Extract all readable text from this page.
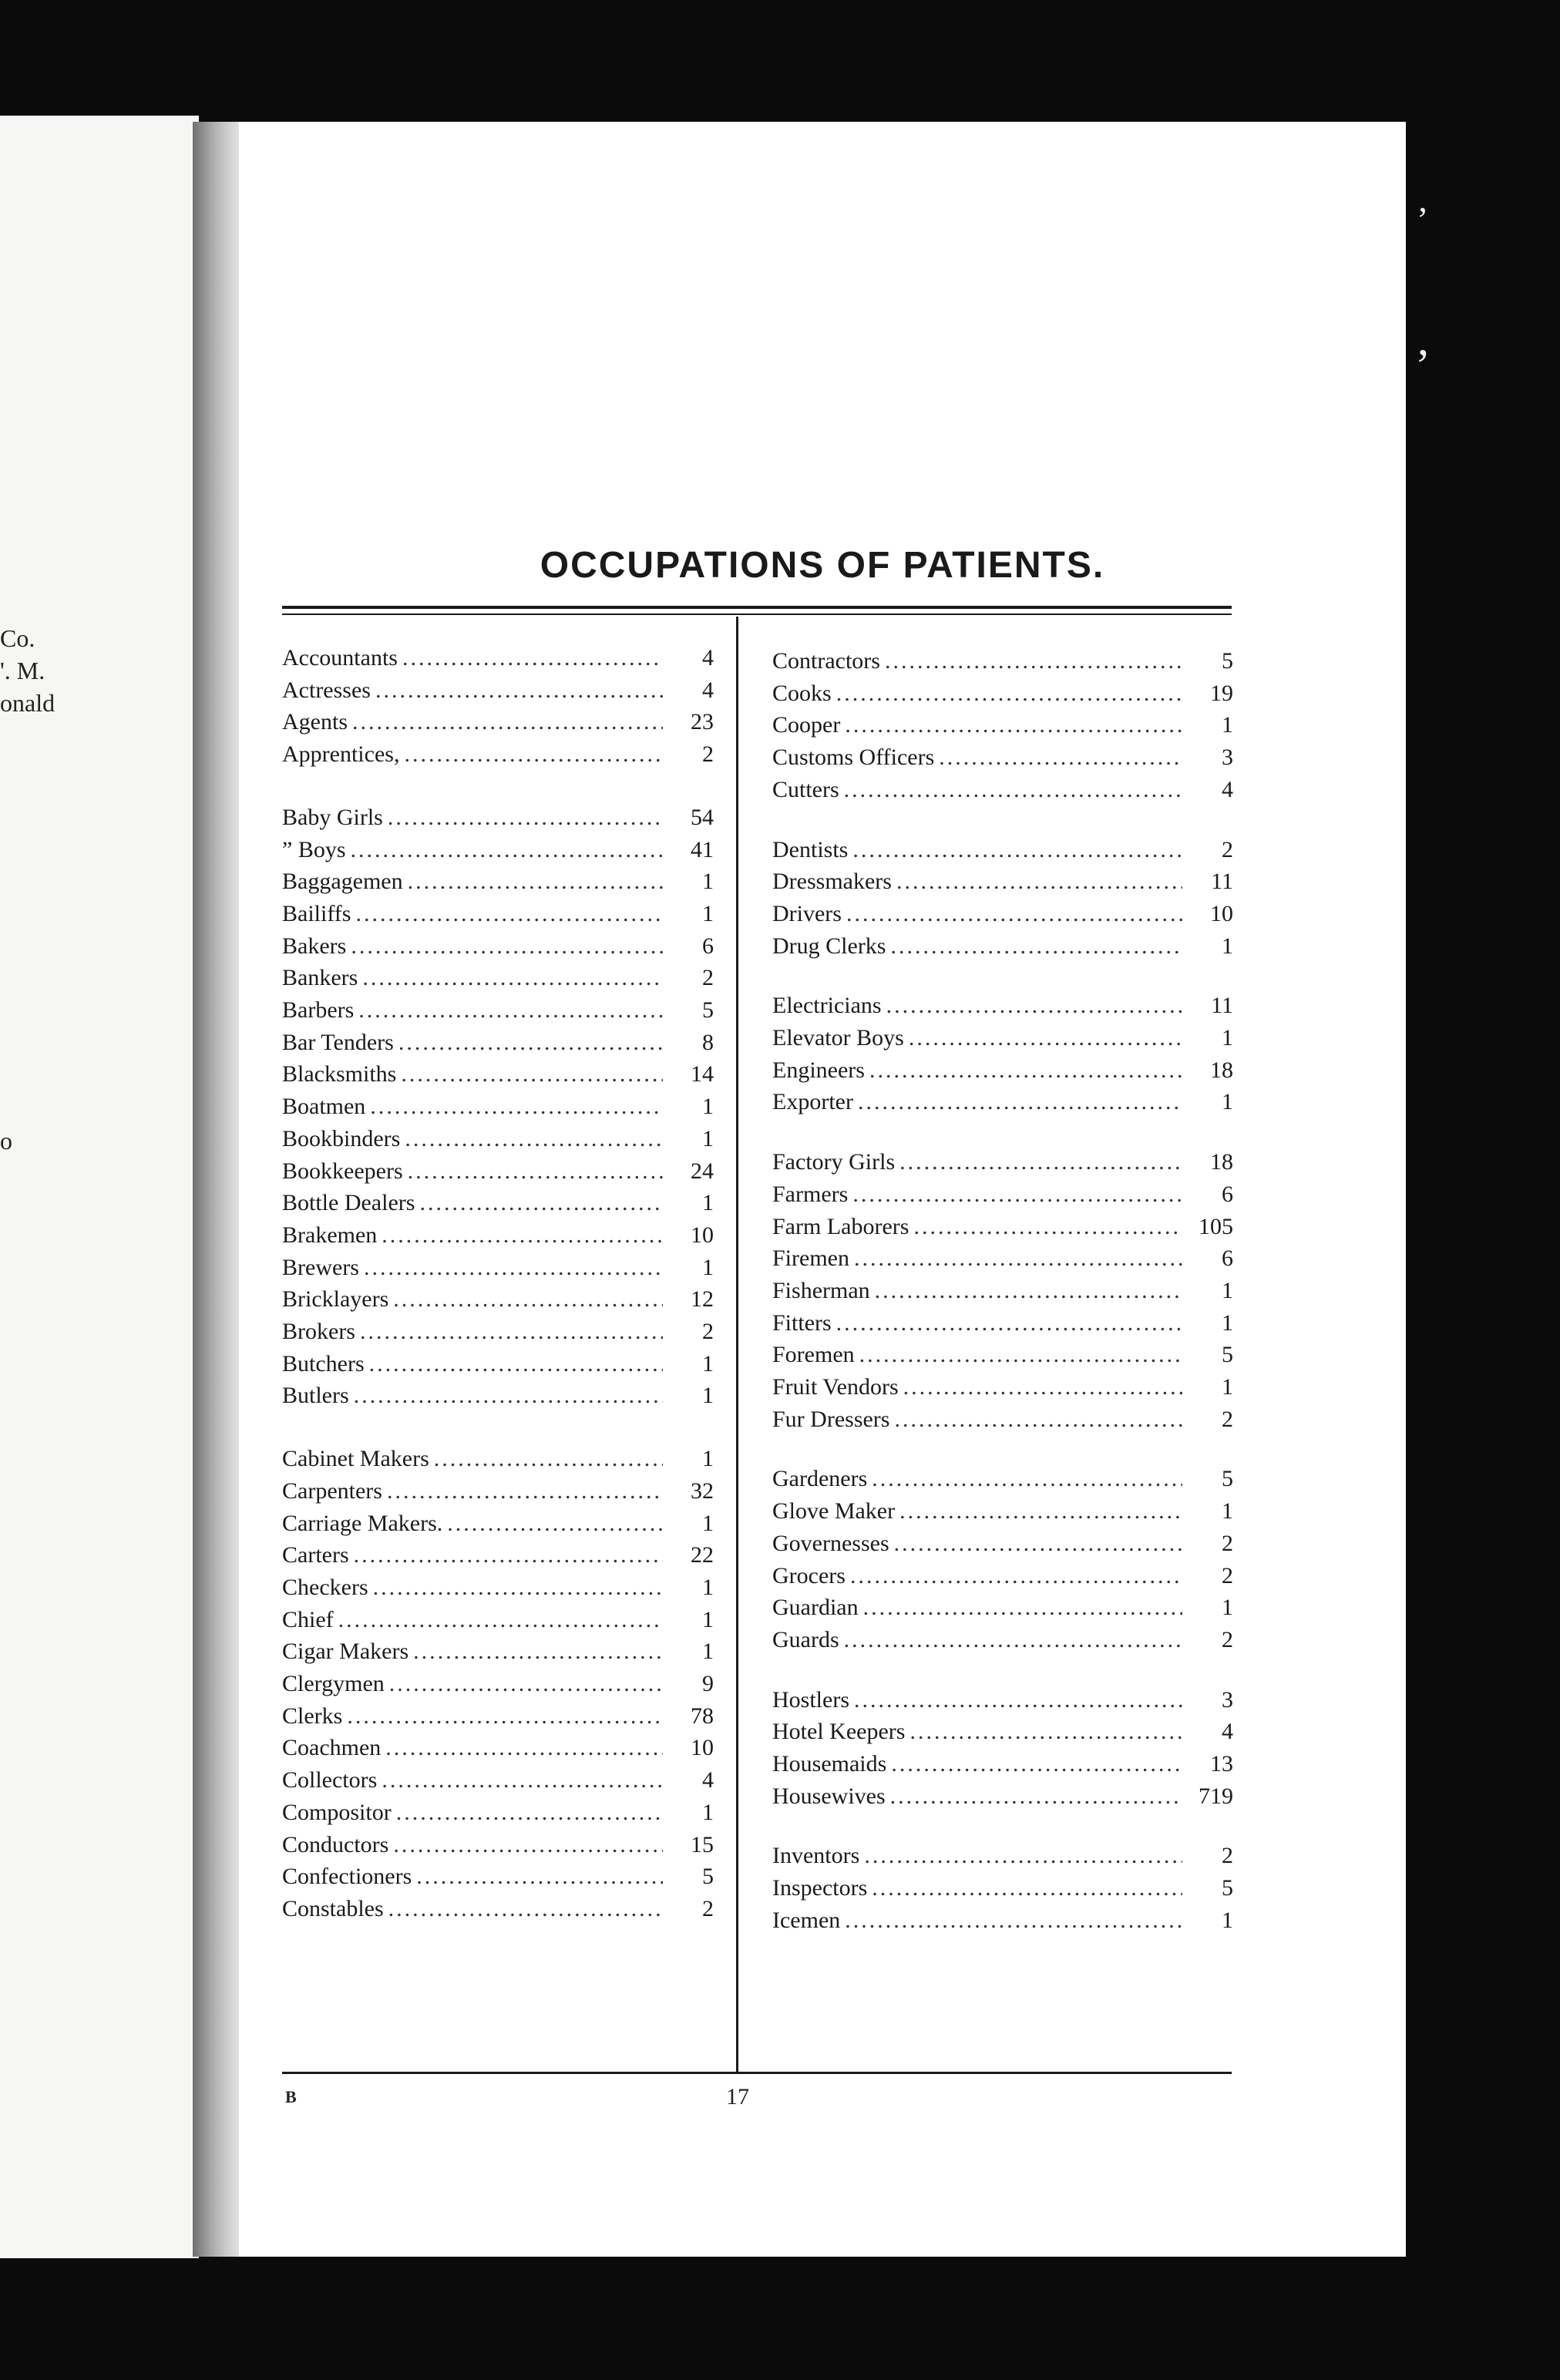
Co.
'. M.
onald
o
’
’
OCCUPATIONS OF PATIENTS.
Accountants .....	4
Actresses .....	4
Agents .....	23
Apprentices, .....	2
Baby Girls .....	54
” Boys .....	41
Baggagemen .....	1
Bailiffs .....	1
Bakers .....	6
Bankers .....	2
Barbers .....	5
Bar Tenders .....	8
Blacksmiths .....	14
Boatmen .....	1
Bookbinders .....	1
Bookkeepers .....	24
Bottle Dealers .....	1
Brakemen .....	10
Brewers .....	1
Bricklayers .....	12
Brokers .....	2
Butchers .....	1
Butlers .....	1
Cabinet Makers .....	1
Carpenters .....	32
Carriage Makers. .....	1
Carters .....	22
Checkers .....	1
Chief .....	1
Cigar Makers .....	1
Clergymen .....	9
Clerks .....	78
Coachmen .....	10
Collectors .....	4
Compositor .....	1
Conductors .....	15
Confectioners .....	5
Constables .....	2
Contractors .....	5
Cooks .....	19
Cooper .....	1
Customs Officers .....	3
Cutters .....	4
Dentists .....	2
Dressmakers .....	11
Drivers .....	10
Drug Clerks .....	1
Electricians .....	11
Elevator Boys .....	1
Engineers .....	18
Exporter .....	1
Factory Girls .....	18
Farmers .....	6
Farm Laborers .....	105
Firemen .....	6
Fisherman .....	1
Fitters .....	1
Foremen .....	5
Fruit Vendors .....	1
Fur Dressers .....	2
Gardeners .....	5
Glove Maker .....	1
Governesses .....	2
Grocers .....	2
Guardian .....	1
Guards .....	2
Hostlers .....	3
Hotel Keepers .....	4
Housemaids .....	13
Housewives .....	719
Inventors .....	2
Inspectors .....	5
Icemen .....	1
B	17
